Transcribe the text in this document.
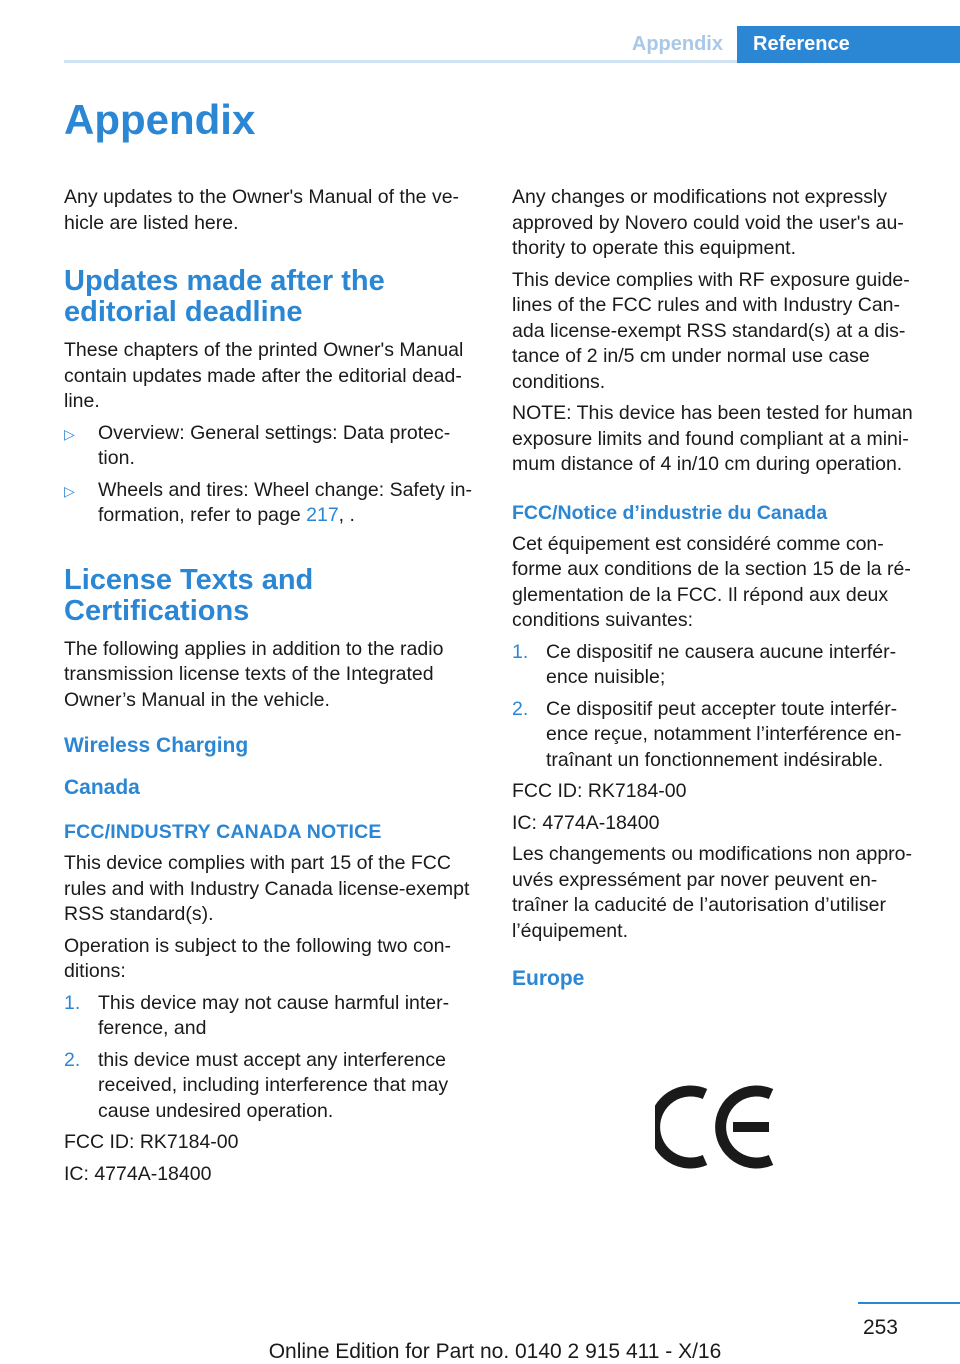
Appendix	Reference
Appendix

Any updates to the Owner's Manual of the ve‐hicle are listed here.

Updates made after the editorial deadline

These chapters of the printed Owner's Manual contain updates made after the editorial dead‐line.

▷	Overview: General settings: Data protec‐tion.
▷	Wheels and tires: Wheel change: Safety in‐formation, refer to page 217, .
License Texts and Certifications

The following applies in addition to the radio transmission license texts of the Integrated Owner’s Manual in the vehicle.

Wireless Charging
Canada
FCC/INDUSTRY CANADA NOTICE

This device complies with part 15 of the FCC rules and with Industry Canada license-exempt RSS standard(s).

Operation is subject to the following two con‐ditions:

1. This device may not cause harmful inter‐ference, and
2. this device must accept any interference received, including interference that may cause undesired operation.

FCC ID: RK7184-00

IC: 4774A-18400

Any changes or modifications not expressly approved by Novero could void the user's au‐thority to operate this equipment.

This device complies with RF exposure guide‐lines of the FCC rules and with Industry Can‐ada license-exempt RSS standard(s) at a dis‐tance of 2 in/5 cm under normal use case conditions.

NOTE: This device has been tested for human exposure limits and found compliant at a mini‐mum distance of 4 in/10 cm during operation.

FCC/Notice d’industrie du Canada

Cet équipement est considéré comme con‐forme aux conditions de la section 15 de la ré‐glementation de la FCC. Il répond aux deux conditions suivantes:

1. Ce dispositif ne causera aucune interfér‐ence nuisible;
2. Ce dispositif peut accepter toute interfér‐ence reçue, notamment l’interférence en‐traînant un fonctionnement indésirable.

FCC ID: RK7184-00

IC: 4774A-18400

Les changements ou modifications non appro‐uvés expressément par nover peuvent en‐traîner la caducité de l’autorisation d’utiliser l’équipement.

Europe
253
Online Edition for Part no. 0140 2 915 411 - X/16
